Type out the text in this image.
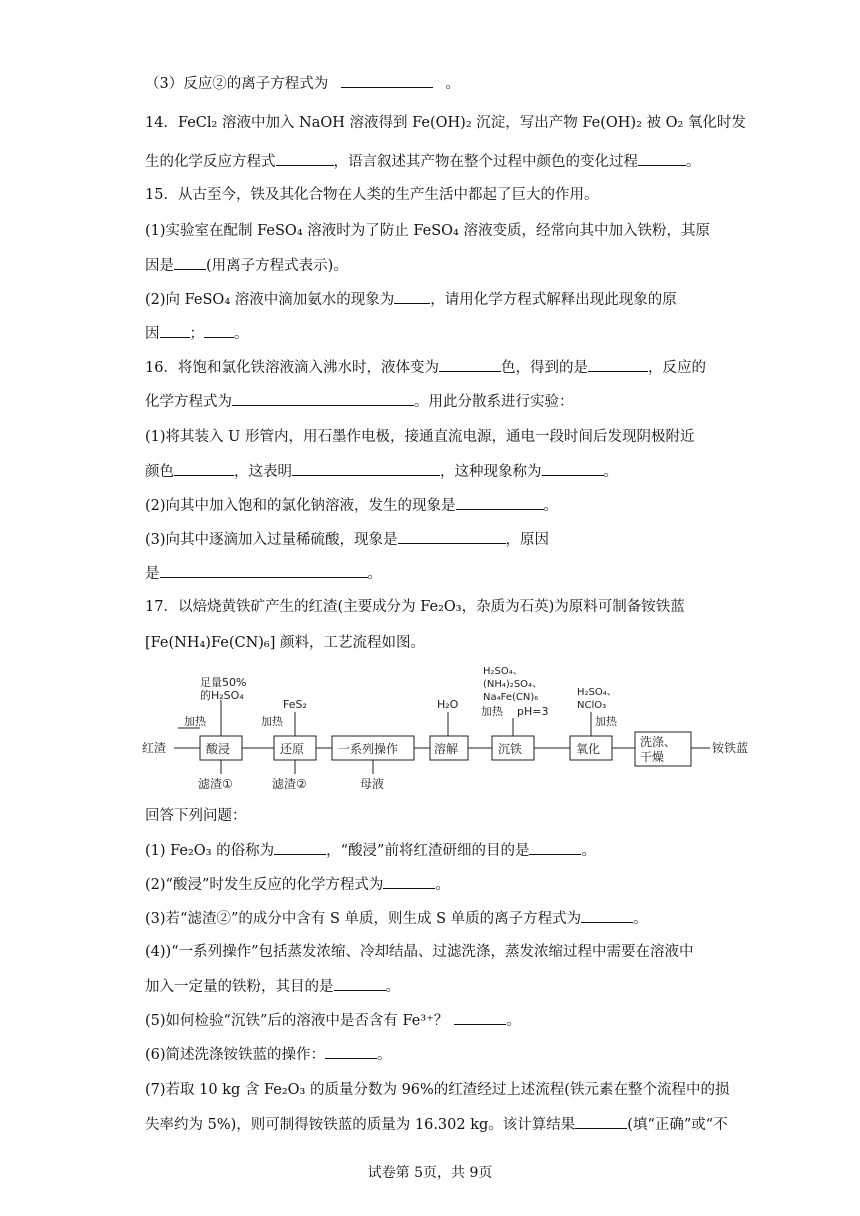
（3）反应②的离子方程式为	。
14．FeCl₂ 溶液中加入 NaOH 溶液得到 Fe(OH)₂ 沉淀，写出产物 Fe(OH)₂ 被 O₂ 氧化时发
生的化学反应方程式	，语言叙述其产物在整个过程中颜色的变化过程	。
15．从古至今，铁及其化合物在人类的生产生活中都起了巨大的作用。
(1)实验室在配制 FeSO₄ 溶液时为了防止 FeSO₄ 溶液变质，经常向其中加入铁粉，其原
因是 (用离子方程式表示)。
(2)向 FeSO₄ 溶液中滴加氨水的现象为 ，请用化学方程式解释出现此现象的原
因 ； 。
16．将饱和氯化铁溶液滴入沸水时，液体变为	色，得到的是	，反应的
化学方程式为	。用此分散系进行实验：
(1)将其装入 U 形管内，用石墨作电极，接通直流电源，通电一段时间后发现阴极附近
颜色	，这表明	，这种现象称为	。
(2)向其中加入饱和的氯化钠溶液，发生的现象是	。
(3)向其中逐滴加入过量稀硫酸，现象是	，原因
是	。
17．以焙烧黄铁矿产生的红渣(主要成分为 Fe₂O₃，杂质为石英)为原料可制备铵铁蓝
[Fe(NH₄)Fe(CN)₆] 颜料，工艺流程如图。
红渣	铵铁蓝
酸浸	还原	一系列操作	溶解	沉铁	氧化	洗涤、
干燥
足量50%
的H₂SO₄
加热
FeS₂
加热
H₂O
H₂SO₄、
(NH₄)₂SO₄、
Na₄Fe(CN)₆
加热 pH=3
H₂SO₄、
NClO₃
加热
滤渣①	滤渣②	母液
回答下列问题：
(1) Fe₂O₃ 的俗称为	，“酸浸”前将红渣研细的目的是	。
(2)“酸浸”时发生反应的化学方程式为	。
(3)若“滤渣②”的成分中含有 S 单质，则生成 S 单质的离子方程式为	。
(4))“一系列操作”包括蒸发浓缩、冷却结晶、过滤洗涤，蒸发浓缩过程中需要在溶液中
加入一定量的铁粉，其目的是	。
(5)如何检验“沉铁”后的溶液中是否含有 Fe³⁺？	。
(6)简述洗涤铵铁蓝的操作：	。
(7)若取 10 kg 含 Fe₂O₃ 的质量分数为 96%的红渣经过上述流程(铁元素在整个流程中的损
失率约为 5%)，则可制得铵铁蓝的质量为 16.302 kg。该计算结果	(填“正确”或“不
试卷第 5页，共 9页
